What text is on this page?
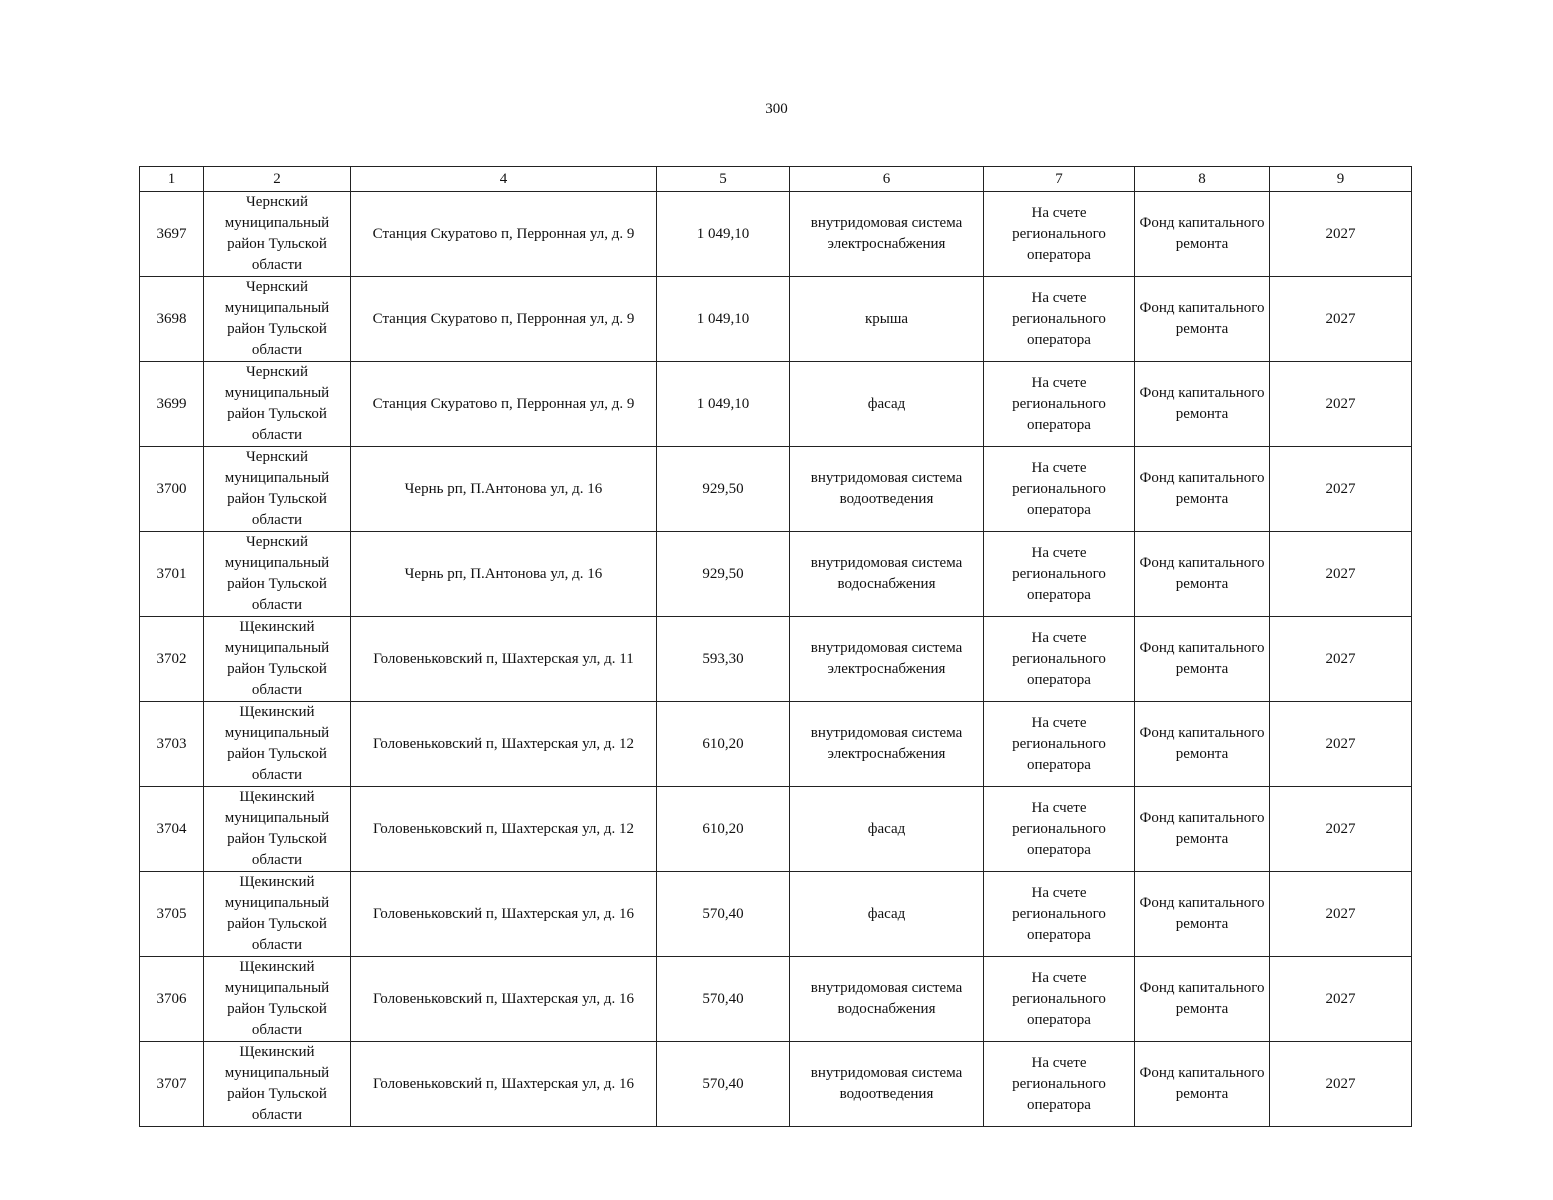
300
1	2	4	5	6	7	8	9
3697	Чернский муниципальный район Тульской области	Станция Скуратово п, Перронная ул, д. 9	1 049,10	внутридомовая система электроснабжения	На счете регионального оператора	Фонд капитального ремонта	2027
3698	Чернский муниципальный район Тульской области	Станция Скуратово п, Перронная ул, д. 9	1 049,10	крыша	На счете регионального оператора	Фонд капитального ремонта	2027
3699	Чернский муниципальный район Тульской области	Станция Скуратово п, Перронная ул, д. 9	1 049,10	фасад	На счете регионального оператора	Фонд капитального ремонта	2027
3700	Чернский муниципальный район Тульской области	Чернь рп, П.Антонова ул, д. 16	929,50	внутридомовая система водоотведения	На счете регионального оператора	Фонд капитального ремонта	2027
3701	Чернский муниципальный район Тульской области	Чернь рп, П.Антонова ул, д. 16	929,50	внутридомовая система водоснабжения	На счете регионального оператора	Фонд капитального ремонта	2027
3702	Щекинский муниципальный район Тульской области	Головеньковский п, Шахтерская ул, д. 11	593,30	внутридомовая система электроснабжения	На счете регионального оператора	Фонд капитального ремонта	2027
3703	Щекинский муниципальный район Тульской области	Головеньковский п, Шахтерская ул, д. 12	610,20	внутридомовая система электроснабжения	На счете регионального оператора	Фонд капитального ремонта	2027
3704	Щекинский муниципальный район Тульской области	Головеньковский п, Шахтерская ул, д. 12	610,20	фасад	На счете регионального оператора	Фонд капитального ремонта	2027
3705	Щекинский муниципальный район Тульской области	Головеньковский п, Шахтерская ул, д. 16	570,40	фасад	На счете регионального оператора	Фонд капитального ремонта	2027
3706	Щекинский муниципальный район Тульской области	Головеньковский п, Шахтерская ул, д. 16	570,40	внутридомовая система водоснабжения	На счете регионального оператора	Фонд капитального ремонта	2027
3707	Щекинский муниципальный район Тульской области	Головеньковский п, Шахтерская ул, д. 16	570,40	внутридомовая система водоотведения	На счете регионального оператора	Фонд капитального ремонта	2027
